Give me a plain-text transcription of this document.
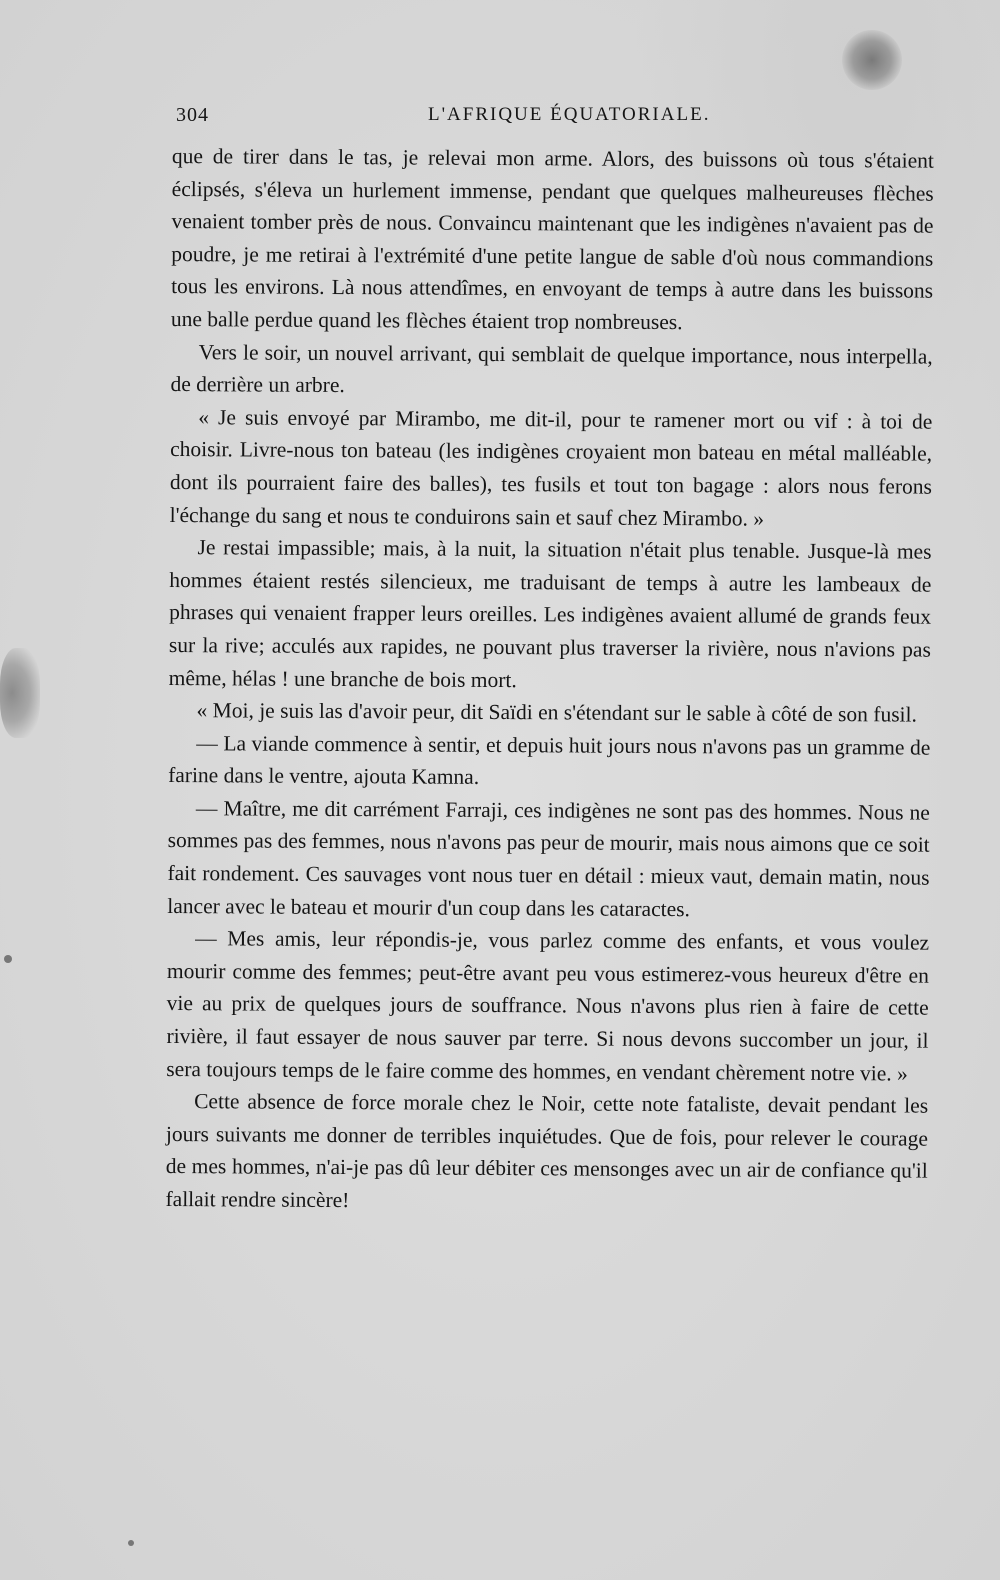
304	L'AFRIQUE ÉQUATORIALE.

que de tirer dans le tas, je relevai mon arme. Alors, des buissons où tous s'étaient éclipsés, s'éleva un hurlement immense, pendant que quelques malheureuses flèches venaient tomber près de nous. Convaincu maintenant que les indigènes n'avaient pas de poudre, je me retirai à l'extrémité d'une petite langue de sable d'où nous commandions tous les environs. Là nous attendîmes, en envoyant de temps à autre dans les buissons une balle perdue quand les flèches étaient trop nombreuses.

Vers le soir, un nouvel arrivant, qui semblait de quelque importance, nous interpella, de derrière un arbre.

« Je suis envoyé par Mirambo, me dit-il, pour te ramener mort ou vif : à toi de choisir. Livre-nous ton bateau (les indigènes croyaient mon bateau en métal malléable, dont ils pourraient faire des balles), tes fusils et tout ton bagage : alors nous ferons l'échange du sang et nous te conduirons sain et sauf chez Mirambo. »

Je restai impassible; mais, à la nuit, la situation n'était plus tenable. Jusque-là mes hommes étaient restés silencieux, me traduisant de temps à autre les lambeaux de phrases qui venaient frapper leurs oreilles. Les indigènes avaient allumé de grands feux sur la rive; acculés aux rapides, ne pouvant plus traverser la rivière, nous n'avions pas même, hélas ! une branche de bois mort.

« Moi, je suis las d'avoir peur, dit Saïdi en s'étendant sur le sable à côté de son fusil.

— La viande commence à sentir, et depuis huit jours nous n'avons pas un gramme de farine dans le ventre, ajouta Kamna.

— Maître, me dit carrément Farraji, ces indigènes ne sont pas des hommes. Nous ne sommes pas des femmes, nous n'avons pas peur de mourir, mais nous aimons que ce soit fait rondement. Ces sauvages vont nous tuer en détail : mieux vaut, demain matin, nous lancer avec le bateau et mourir d'un coup dans les cataractes.

— Mes amis, leur répondis-je, vous parlez comme des enfants, et vous voulez mourir comme des femmes; peut-être avant peu vous estimerez-vous heureux d'être en vie au prix de quelques jours de souffrance. Nous n'avons plus rien à faire de cette rivière, il faut essayer de nous sauver par terre. Si nous devons succomber un jour, il sera toujours temps de le faire comme des hommes, en vendant chèrement notre vie. »

Cette absence de force morale chez le Noir, cette note fataliste, devait pendant les jours suivants me donner de terribles inquiétudes. Que de fois, pour relever le courage de mes hommes, n'ai-je pas dû leur débiter ces mensonges avec un air de confiance qu'il fallait rendre sincère!
